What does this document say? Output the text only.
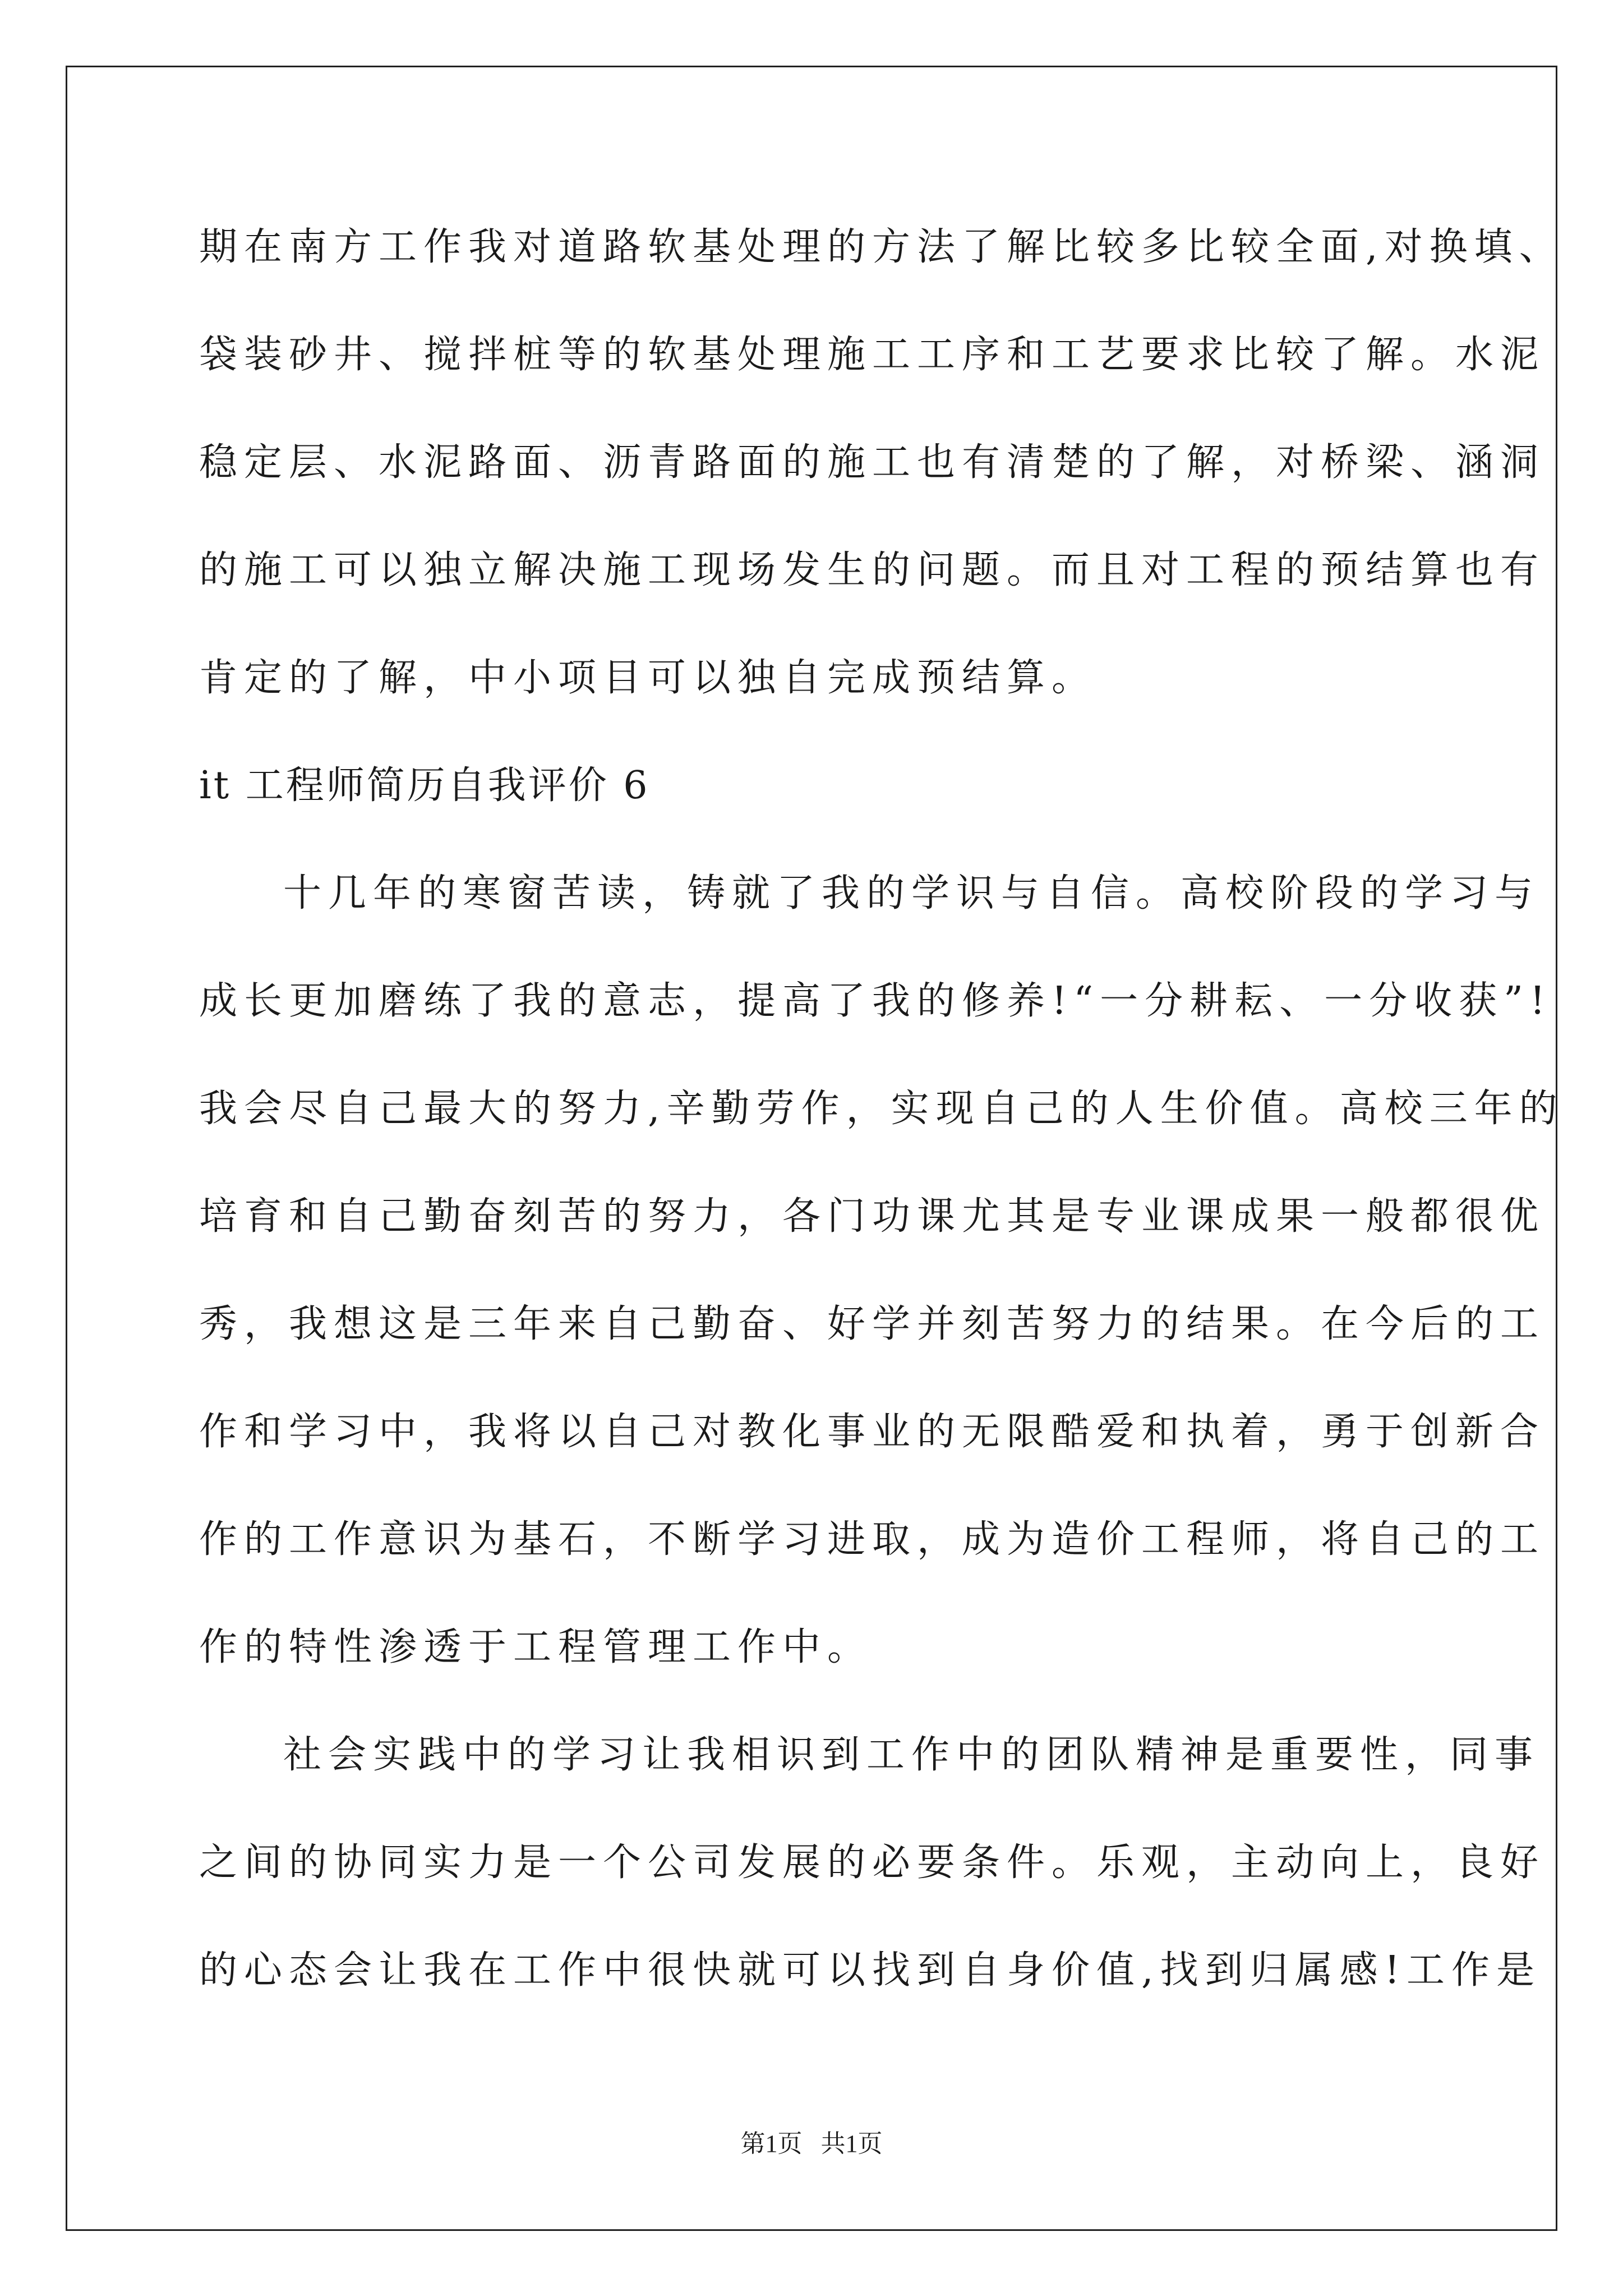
期在南方工作我对道路软基处理的方法了解比较多比较全面,对换填、
袋装砂井、搅拌桩等的软基处理施工工序和工艺要求比较了解。水泥
稳定层、水泥路面、沥青路面的施工也有清楚的了解，对桥梁、涵洞
的施工可以独立解决施工现场发生的问题。而且对工程的预结算也有
肯定的了解，中小项目可以独自完成预结算。
it 工程师简历自我评价 6
十几年的寒窗苦读，铸就了我的学识与自信。高校阶段的学习与
成长更加磨练了我的意志，提高了我的修养!“一分耕耘、一分收获”!
我会尽自己最大的努力,辛勤劳作，实现自己的人生价值。高校三年的
培育和自己勤奋刻苦的努力，各门功课尤其是专业课成果一般都很优
秀，我想这是三年来自己勤奋、好学并刻苦努力的结果。在今后的工
作和学习中，我将以自己对教化事业的无限酷爱和执着，勇于创新合
作的工作意识为基石，不断学习进取，成为造价工程师，将自己的工
作的特性渗透于工程管理工作中。
社会实践中的学习让我相识到工作中的团队精神是重要性，同事
之间的协同实力是一个公司发展的必要条件。乐观，主动向上，良好
的心态会让我在工作中很快就可以找到自身价值,找到归属感!工作是
第1页   共1页
